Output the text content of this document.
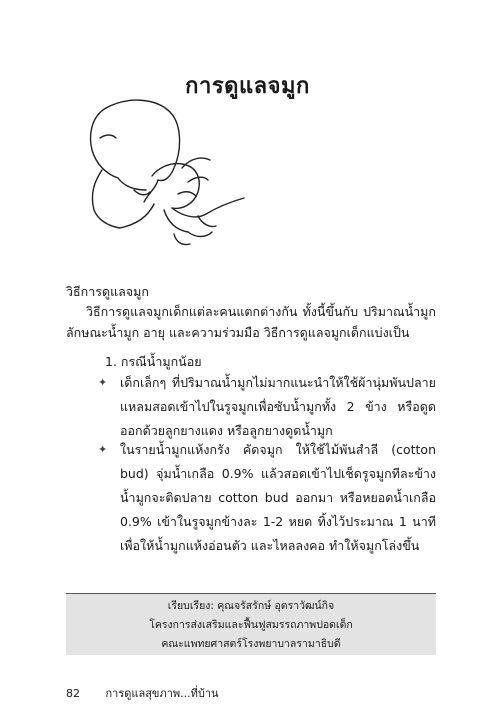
การดูแลจมูก
วิธีการดูแลจมูก
วิธีการดูแลจมูกเด็กแต่ละคนแตกต่างกัน ทั้งนี้ขึ้นกับ ปริมาณน้ำมูก ลักษณะน้ำมูก อายุ และความร่วมมือ วิธีการดูแลจมูกเด็กแบ่งเป็น
1. กรณีน้ำมูกน้อย
✦	เด็กเล็กๆ ที่ปริมาณน้ำมูกไม่มากแนะนำให้ใช้ผ้านุ่มพันปลายแหลมสอดเข้าไปในรูจมูกเพื่อซับน้ำมูกทั้ง 2 ข้าง หรือดูดออกด้วยลูกยางแดง หรือลูกยางดูดน้ำมูก
✦	ในรายน้ำมูกแห้งกรัง คัดจมูก ให้ใช้ไม้พันสำลี (cotton bud) จุ่มน้ำเกลือ 0.9% แล้วสอดเข้าไปเช็ดรูจมูกทีละข้าง น้ำมูกจะติดปลาย cotton bud ออกมา หรือหยอดน้ำเกลือ 0.9% เข้าในรูจมูกข้างละ 1-2 หยด ทิ้งไว้ประมาณ 1 นาที เพื่อให้น้ำมูกแห้งอ่อนตัว และไหลลงคอ ทำให้จมูกโล่งขึ้น
เรียบเรียง: คุณจรัสรักษ์ อุตราวัฒน์กิจ
โครงการส่งเสริมและฟื้นฟูสมรรถภาพปอดเด็ก
คณะแพทยศาสตร์โรงพยาบาลรามาธิบดี
82 การดูแลสุขภาพ...ที่บ้าน
